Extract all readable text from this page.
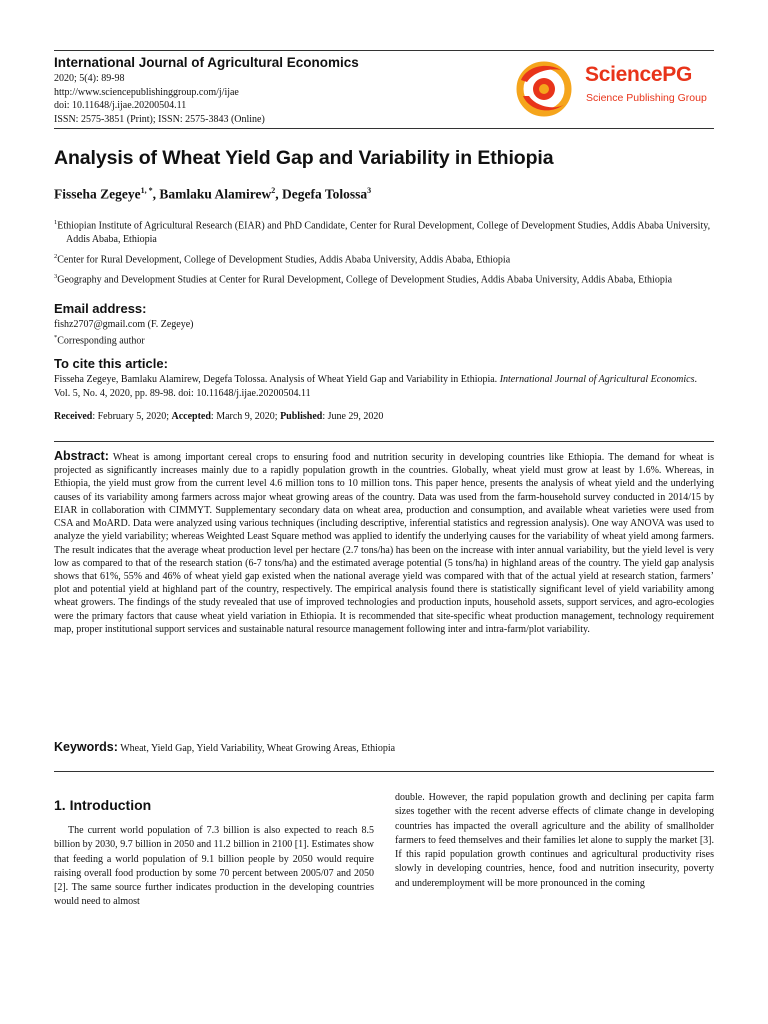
International Journal of Agricultural Economics
2020; 5(4): 89-98
http://www.sciencepublishinggroup.com/j/ijae
doi: 10.11648/j.ijae.20200504.11
ISSN: 2575-3851 (Print); ISSN: 2575-3843 (Online)
SciencePG
Science Publishing Group
Analysis of Wheat Yield Gap and Variability in Ethiopia
Fisseha Zegeye$^{1, *}$, Bamlaku Alamirew$^2$, Degefa Tolossa$^3$
$^1$Ethiopian Institute of Agricultural Research (EIAR) and PhD Candidate, Center for Rural Development, College of Development Studies, Addis Ababa University, Addis Ababa, Ethiopia
$^2$Center for Rural Development, College of Development Studies, Addis Ababa University, Addis Ababa, Ethiopia
$^3$Geography and Development Studies at Center for Rural Development, College of Development Studies, Addis Ababa University, Addis Ababa, Ethiopia
Email address:
fishz2707@gmail.com (F. Zegeye)
*Corresponding author
To cite this article:
Fisseha Zegeye, Bamlaku Alamirew, Degefa Tolossa. Analysis of Wheat Yield Gap and Variability in Ethiopia. International Journal of Agricultural Economics. Vol. 5, No. 4, 2020, pp. 89-98. doi: 10.11648/j.ijae.20200504.11
Received: February 5, 2020; Accepted: March 9, 2020; Published: June 29, 2020
Abstract: Wheat is among important cereal crops to ensuring food and nutrition security in developing countries like Ethiopia. The demand for wheat is projected as significantly increases mainly due to a rapidly population growth in the countries. Globally, wheat yield must grow at least by 1.6%. Whereas, in Ethiopia, the yield must grow from the current level 4.6 million tons to 10 million tons. This paper hence, presents the analysis of wheat yield and the underlying causes of its variability among farmers across major wheat growing areas of the country. Data was used from the farm-household survey conducted in 2014/15 by EIAR in collaboration with CIMMYT. Supplementary secondary data on wheat area, production and consumption, and available wheat varieties were used from CSA and MoARD. Data were analyzed using various techniques (including descriptive, inferential statistics and regression analysis). One way ANOVA was used to analyze the yield variability; whereas Weighted Least Square method was applied to identify the underlying causes for the variability of wheat yield among farmers. The result indicates that the average wheat production level per hectare (2.7 tons/ha) has been on the increase with inter annual variability, but the yield level is very low as compared to that of the research station (6-7 tons/ha) and the estimated average potential (5 tons/ha) in highland areas of the country. The yield gap analysis shows that 61%, 55% and 46% of wheat yield gap existed when the national average yield was compared with that of the actual yield at research station, farmers’ plot and potential yield at highland part of the country, respectively. The empirical analysis found there is statistically significant level of yield variability among wheat growers. The findings of the study revealed that use of improved technologies and production inputs, household assets, support services, and agro-ecologies were the primary factors that cause wheat yield variation in Ethiopia. It is recommended that site-specific wheat production management, technology requirement map, proper institutional support services and sustainable natural resource management following inter and intra-farm/plot variability.
Keywords: Wheat, Yield Gap, Yield Variability, Wheat Growing Areas, Ethiopia
1. Introduction
The current world population of 7.3 billion is also expected to reach 8.5 billion by 2030, 9.7 billion in 2050 and 11.2 billion in 2100 [1]. Estimates show that feeding a world population of 9.1 billion people by 2050 would require raising overall food production by some 70 percent between 2005/07 and 2050 [2]. The same source further indicates production in the developing countries would need to almost
double. However, the rapid population growth and declining per capita farm sizes together with the recent adverse effects of climate change in developing countries has impacted the overall agriculture and the ability of smallholder farmers to feed themselves and their families let alone to supply the market [3]. If this rapid population growth continues and agricultural productivity rises slowly in developing countries, hence, food and nutrition insecurity, poverty and underemployment will be more pronounced in the coming
